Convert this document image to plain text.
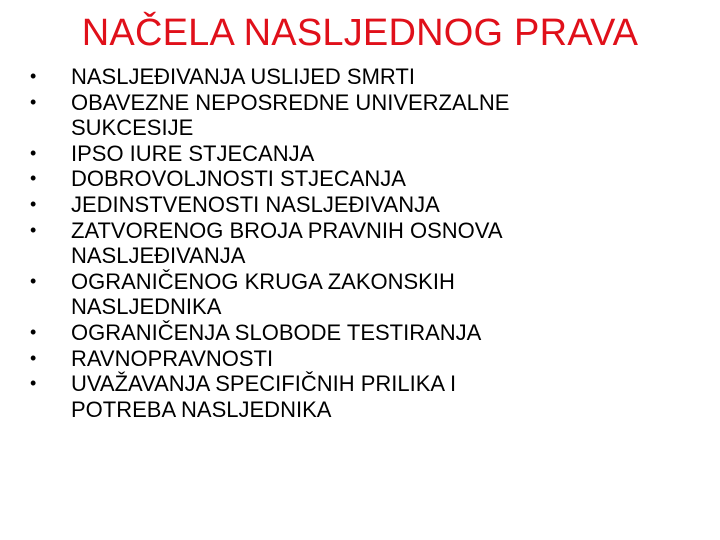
NAČELA NASLJEDNOG PRAVA
•	NASLJEĐIVANJA USLIJED SMRTI
•	OBAVEZNE NEPOSREDNE UNIVERZALNE
SUKCESIJE
•	IPSO IURE STJECANJA
•	DOBROVOLJNOSTI STJECANJA
•	JEDINSTVENOSTI NASLJEĐIVANJA
•	ZATVORENOG BROJA PRAVNIH OSNOVA
NASLJEĐIVANJA
•	OGRANIČENOG KRUGA ZAKONSKIH
NASLJEDNIKA
•	OGRANIČENJA SLOBODE TESTIRANJA
•	RAVNOPRAVNOSTI
•	UVAŽAVANJA SPECIFIČNIH PRILIKA I
POTREBA NASLJEDNIKA
